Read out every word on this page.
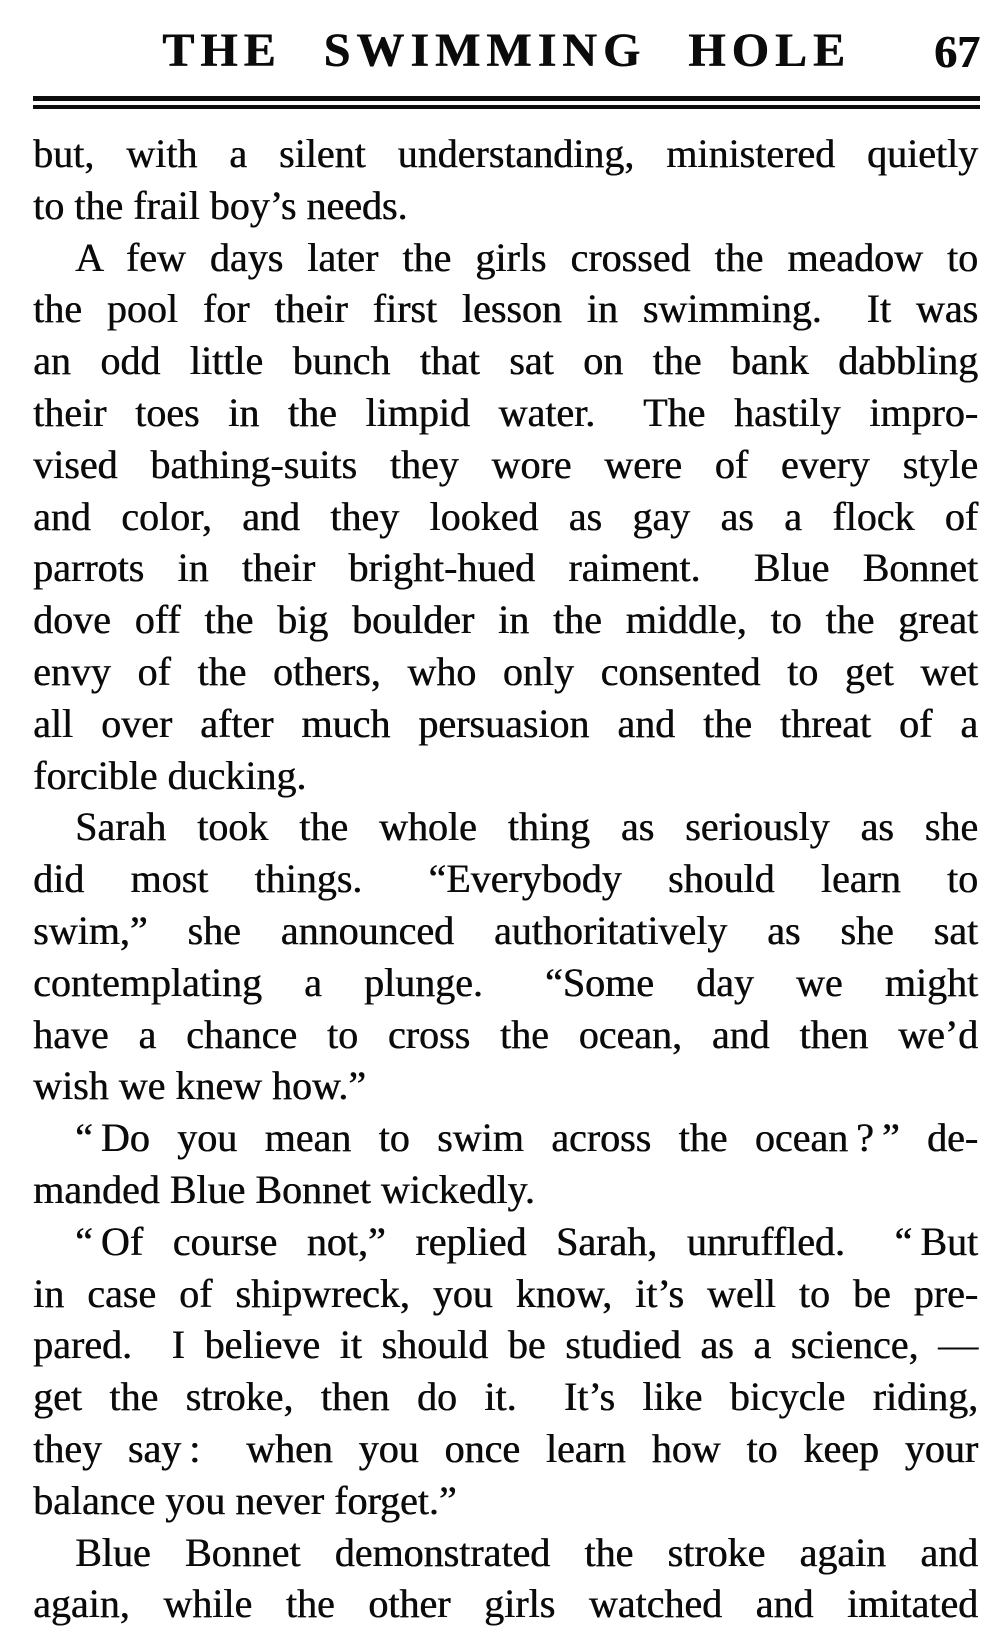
THE SWIMMING HOLE	67
but, with a silent understanding, ministered quietly
to the frail boy’s needs.
A few days later the girls crossed the meadow to
the pool for their first lesson in swimming.  It was
an odd little bunch that sat on the bank dabbling
their toes in the limpid water.  The hastily impro-
vised bathing-suits they wore were of every style
and color, and they looked as gay as a flock of
parrots in their bright-hued raiment.  Blue Bonnet
dove off the big boulder in the middle, to the great
envy of the others, who only consented to get wet
all over after much persuasion and the threat of a
forcible ducking.
Sarah took the whole thing as seriously as she
did most things.  “Everybody should learn to
swim,” she announced authoritatively as she sat
contemplating a plunge.  “Some day we might
have a chance to cross the ocean, and then we’d
wish we knew how.”
“ Do you mean to swim across the ocean ? ” de-
manded Blue Bonnet wickedly.
“ Of course not,” replied Sarah, unruffled.  “ But
in case of shipwreck, you know, it’s well to be pre-
pared.  I believe it should be studied as a science, —
get the stroke, then do it.  It’s like bicycle riding,
they say :  when you once learn how to keep your
balance you never forget.”
Blue Bonnet demonstrated the stroke again and
again, while the other girls watched and imitated
